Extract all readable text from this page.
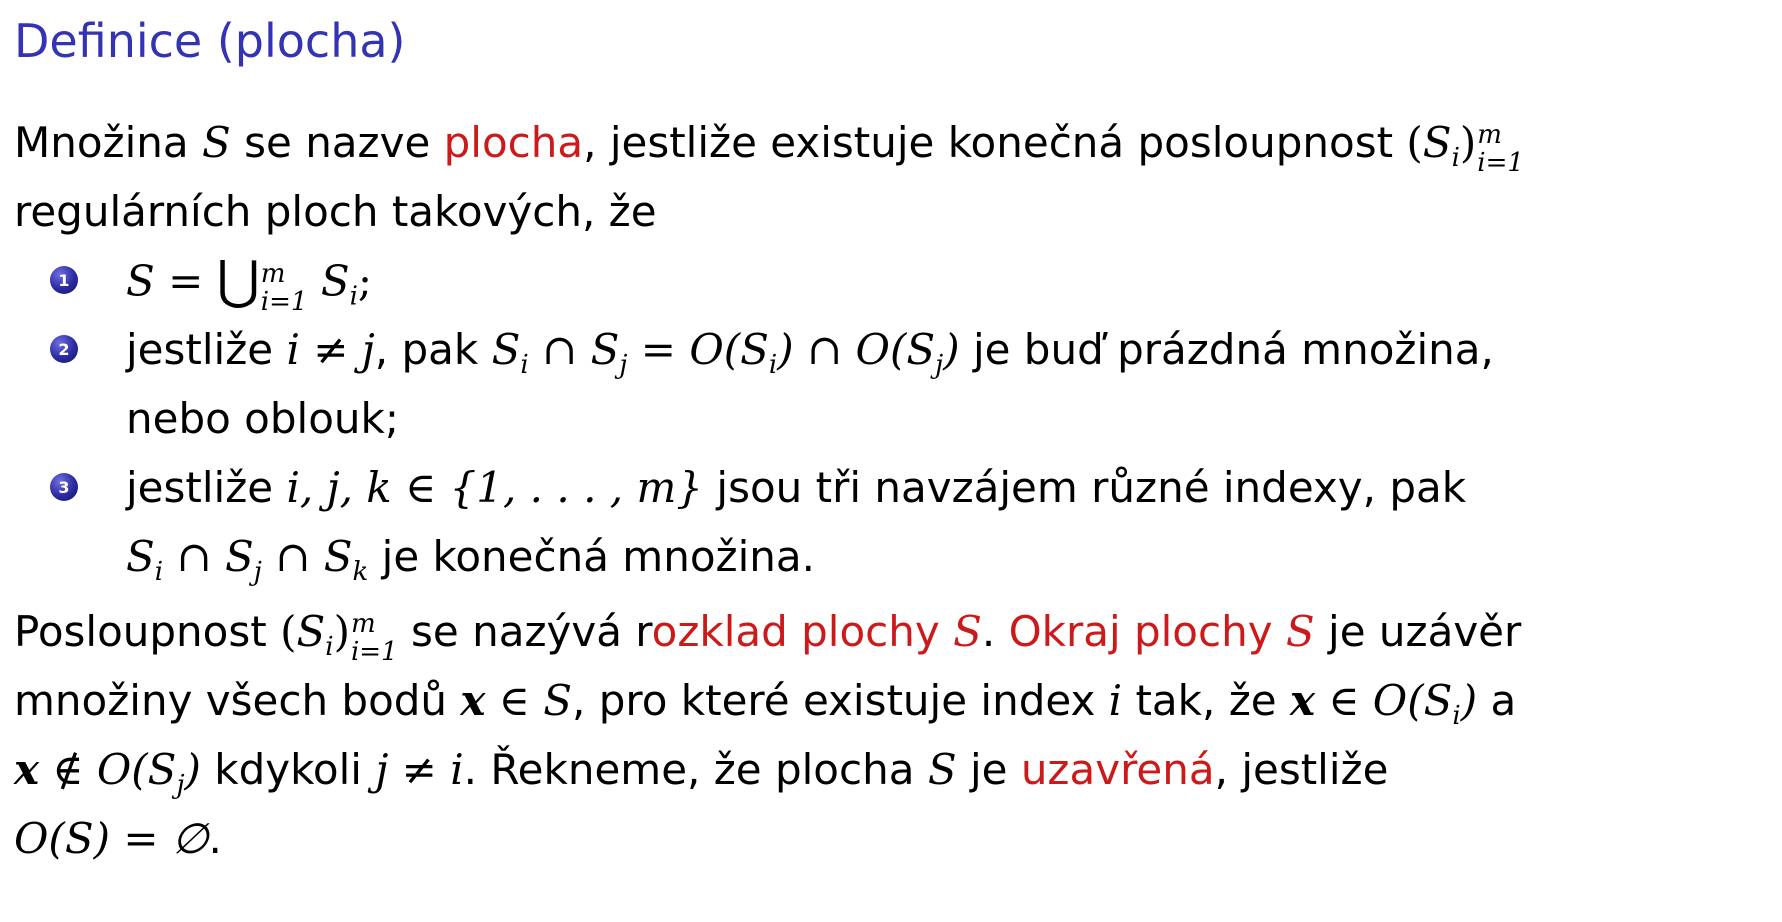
Definice (plocha)
Množina S se nazve plocha, jestliže existuje konečná posloupnost $(S_i)$ m
i=1
regulárních ploch takových, že
1 S = ⋃ m
i=1 $S_i$;
2 jestliže i ≠ j, pak $S_i$ ∩ $S_j = O(S_i)$ ∩ $O(S_j)$ je buď prázdná množina,
nebo oblouk;
3 jestliže i, j, k ∈ {1, . . . , m} jsou tři navzájem různé indexy, pak
$S_i$ ∩ $S_j$ ∩ $S_k$ je konečná množina.
Posloupnost $(S_i)$ m
i=1 se nazývá rozklad plochy S. Okraj plochy S je uzávěr
množiny všech bodů x ∈ S, pro které existuje index i tak, že x ∈ $O(S_i)$ a
x ∉ $O(S_j)$ kdykoli j ≠ i. Řekneme, že plocha S je uzavřená, jestliže
O(S) = ∅.
